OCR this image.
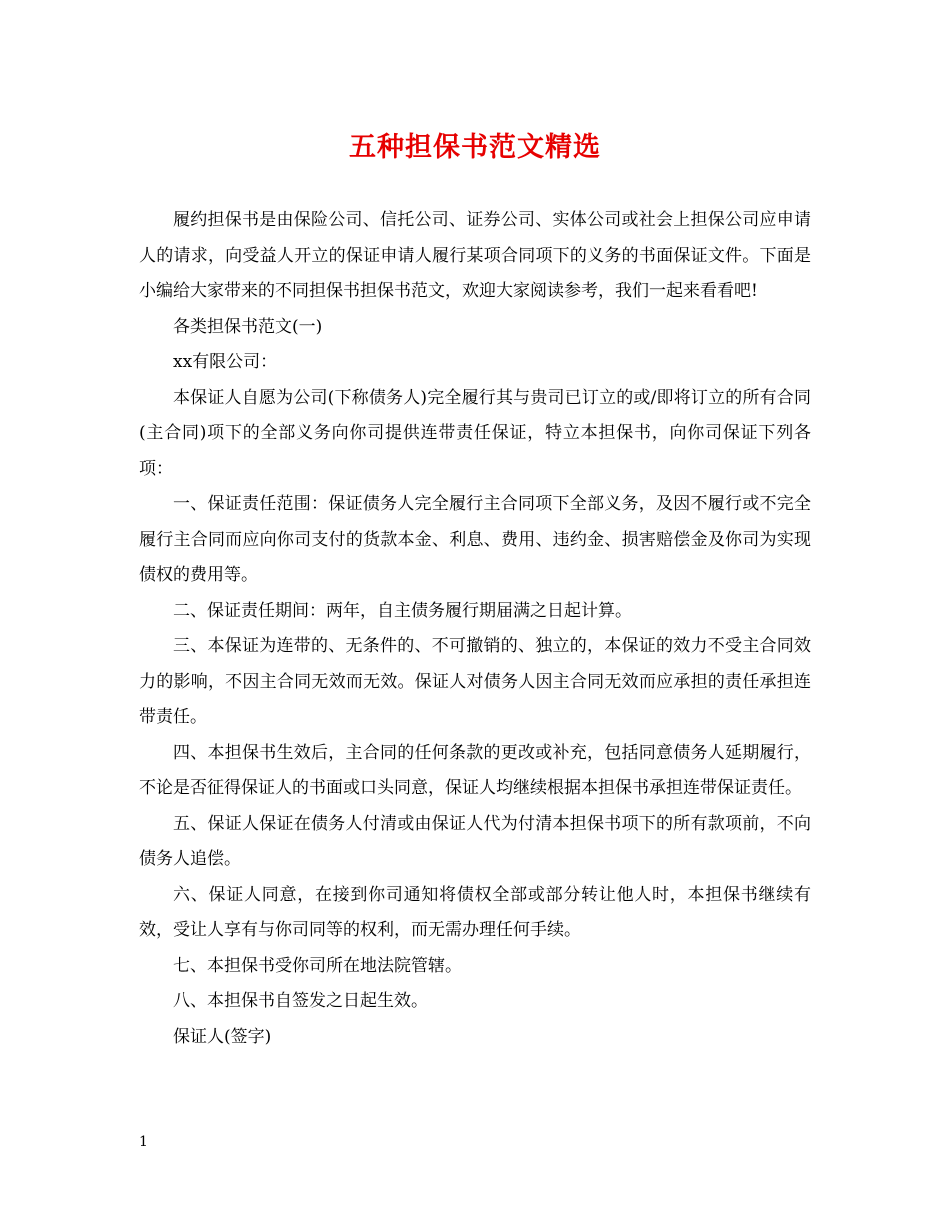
五种担保书范文精选

履约担保书是由保险公司、信托公司、证券公司、实体公司或社会上担保公司应申请人的请求，向受益人开立的保证申请人履行某项合同项下的义务的书面保证文件。下面是小编给大家带来的不同担保书担保书范文，欢迎大家阅读参考，我们一起来看看吧!

各类担保书范文(一)

xx有限公司：

本保证人自愿为公司(下称债务人)完全履行其与贵司已订立的或/即将订立的所有合同(主合同)项下的全部义务向你司提供连带责任保证，特立本担保书，向你司保证下列各项：

一、保证责任范围：保证债务人完全履行主合同项下全部义务，及因不履行或不完全履行主合同而应向你司支付的货款本金、利息、费用、违约金、损害赔偿金及你司为实现债权的费用等。

二、保证责任期间：两年，自主债务履行期届满之日起计算。

三、本保证为连带的、无条件的、不可撤销的、独立的，本保证的效力不受主合同效力的影响，不因主合同无效而无效。保证人对债务人因主合同无效而应承担的责任承担连带责任。

四、本担保书生效后，主合同的任何条款的更改或补充，包括同意债务人延期履行，不论是否征得保证人的书面或口头同意，保证人均继续根据本担保书承担连带保证责任。

五、保证人保证在债务人付清或由保证人代为付清本担保书项下的所有款项前，不向债务人追偿。

六、保证人同意，在接到你司通知将债权全部或部分转让他人时，本担保书继续有效，受让人享有与你司同等的权利，而无需办理任何手续。

七、本担保书受你司所在地法院管辖。

八、本担保书自签发之日起生效。

保证人(签字)

1
